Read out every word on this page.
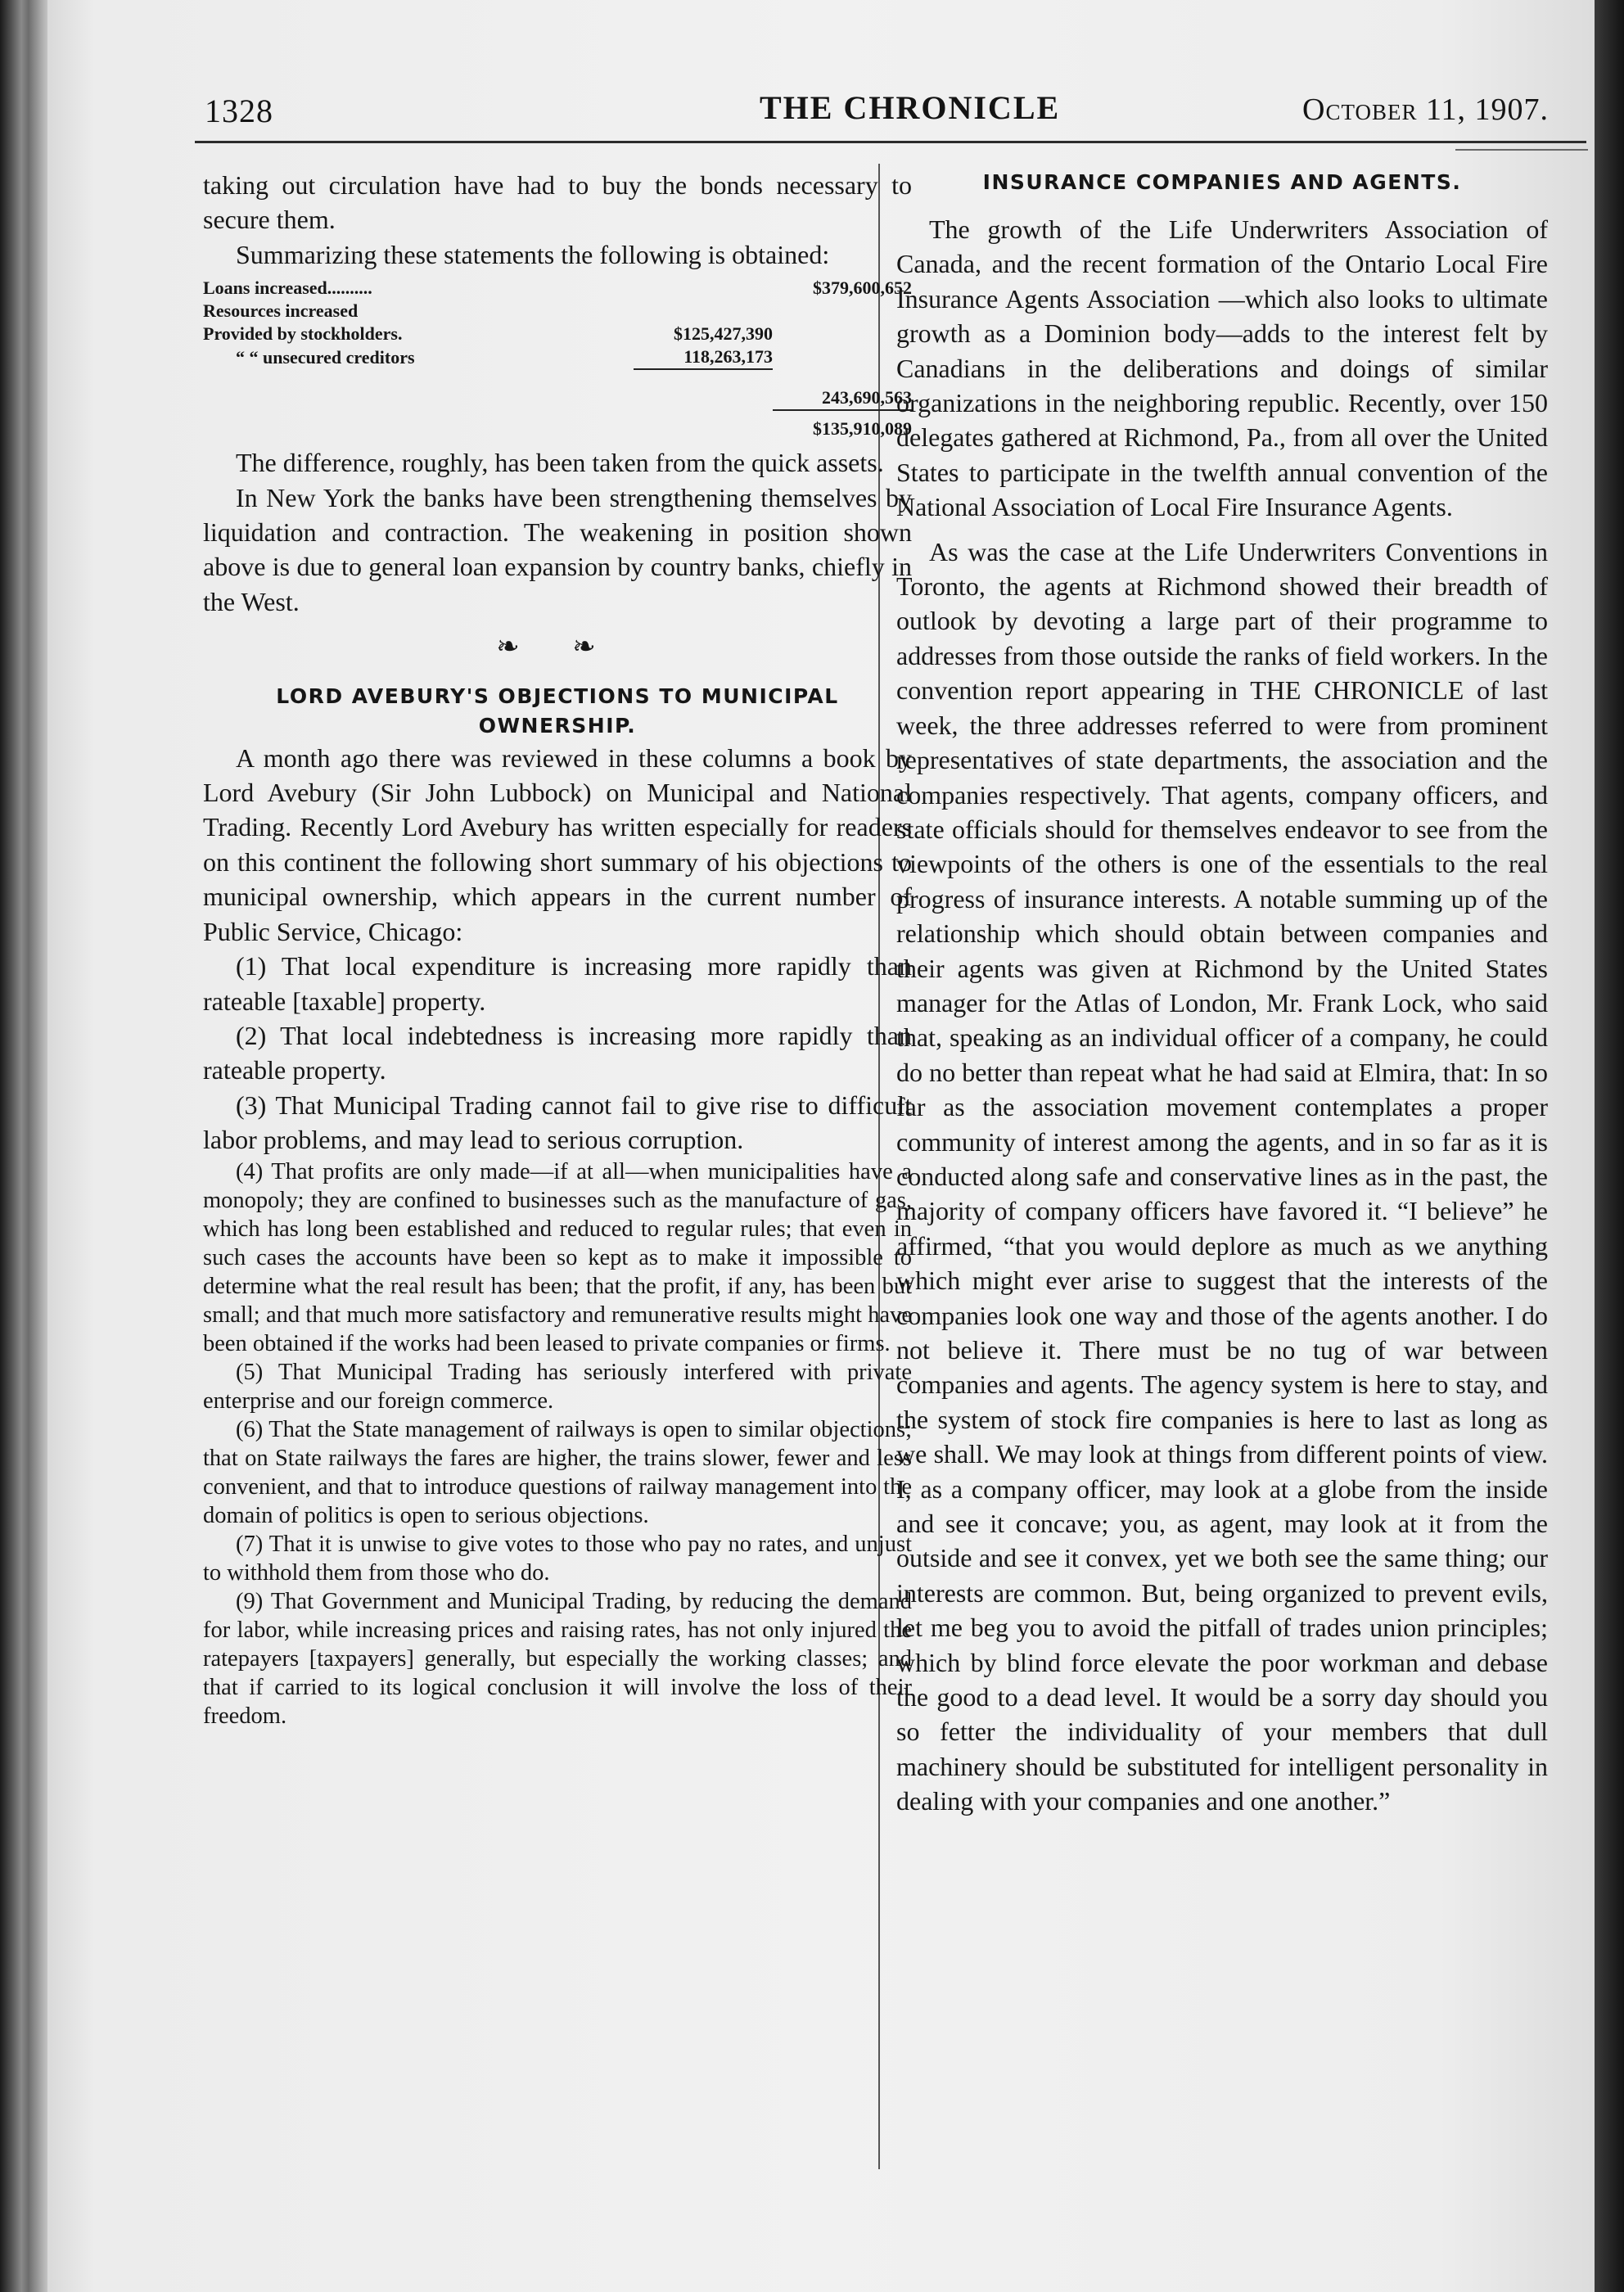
1328	THE CHRONICLE	October 11, 1907.

taking out circulation have had to buy the bonds necessary to secure them.

Summarizing these statements the following is obtained:

Loans increased..........		$379,600,652
Resources increased		
Provided by stockholders.	$125,427,390	
“ “ unsecured creditors	118,263,173	

		243,690,563
		$135,910,089

The difference, roughly, has been taken from the quick assets.

In New York the banks have been strengthening themselves by liquidation and contraction. The weakening in position shown above is due to general loan expansion by country banks, chiefly in the West.

❧ ❧

LORD AVEBURY'S OBJECTIONS TO MUNICIPAL OWNERSHIP.

A month ago there was reviewed in these columns a book by Lord Avebury (Sir John Lubbock) on Municipal and National Trading. Recently Lord Avebury has written especially for readers on this continent the following short summary of his objections to municipal ownership, which appears in the current number of Public Service, Chicago:

(1) That local expenditure is increasing more rapidly than rateable [taxable] property.

(2) That local indebtedness is increasing more rapidly than rateable property.

(3) That Municipal Trading cannot fail to give rise to difficult labor problems, and may lead to serious corruption.

(4) That profits are only made—if at all—when municipalities have a monopoly; they are confined to businesses such as the manufacture of gas, which has long been established and reduced to regular rules; that even in such cases the accounts have been so kept as to make it impossible to determine what the real result has been; that the profit, if any, has been but small; and that much more satisfactory and remunerative results might have been obtained if the works had been leased to private companies or firms.

(5) That Municipal Trading has seriously interfered with private enterprise and our foreign commerce.

(6) That the State management of railways is open to similar objections; that on State railways the fares are higher, the trains slower, fewer and less convenient, and that to introduce questions of railway management into the domain of politics is open to serious objections.

(7) That it is unwise to give votes to those who pay no rates, and unjust to withhold them from those who do.

(9) That Government and Municipal Trading, by reducing the demand for labor, while increasing prices and raising rates, has not only injured the ratepayers [taxpayers] generally, but especially the working classes; and that if carried to its logical conclusion it will involve the loss of their freedom.

INSURANCE COMPANIES AND AGENTS.

The growth of the Life Underwriters Association of Canada, and the recent formation of the Ontario Local Fire Insurance Agents Association —which also looks to ultimate growth as a Dominion body—adds to the interest felt by Canadians in the deliberations and doings of similar organizations in the neighboring republic. Recently, over 150 delegates gathered at Richmond, Pa., from all over the United States to participate in the twelfth annual convention of the National Association of Local Fire Insurance Agents.

As was the case at the Life Underwriters Conventions in Toronto, the agents at Richmond showed their breadth of outlook by devoting a large part of their programme to addresses from those outside the ranks of field workers. In the convention report appearing in THE CHRONICLE of last week, the three addresses referred to were from prominent representatives of state departments, the association and the companies respectively. That agents, company officers, and state officials should for themselves endeavor to see from the viewpoints of the others is one of the essentials to the real progress of insurance interests. A notable summing up of the relationship which should obtain between companies and their agents was given at Richmond by the United States manager for the Atlas of London, Mr. Frank Lock, who said that, speaking as an individual officer of a company, he could do no better than repeat what he had said at Elmira, that: In so far as the association movement contemplates a proper community of interest among the agents, and in so far as it is conducted along safe and conservative lines as in the past, the majority of company officers have favored it. “I believe” he affirmed, “that you would deplore as much as we anything which might ever arise to suggest that the interests of the companies look one way and those of the agents another. I do not believe it. There must be no tug of war between companies and agents. The agency system is here to stay, and the system of stock fire companies is here to last as long as we shall. We may look at things from different points of view. I, as a company officer, may look at a globe from the inside and see it concave; you, as agent, may look at it from the outside and see it convex, yet we both see the same thing; our interests are common. But, being organized to prevent evils, let me beg you to avoid the pitfall of trades union principles; which by blind force elevate the poor workman and debase the good to a dead level. It would be a sorry day should you so fetter the individuality of your members that dull machinery should be substituted for intelligent personality in dealing with your companies and one another.”
